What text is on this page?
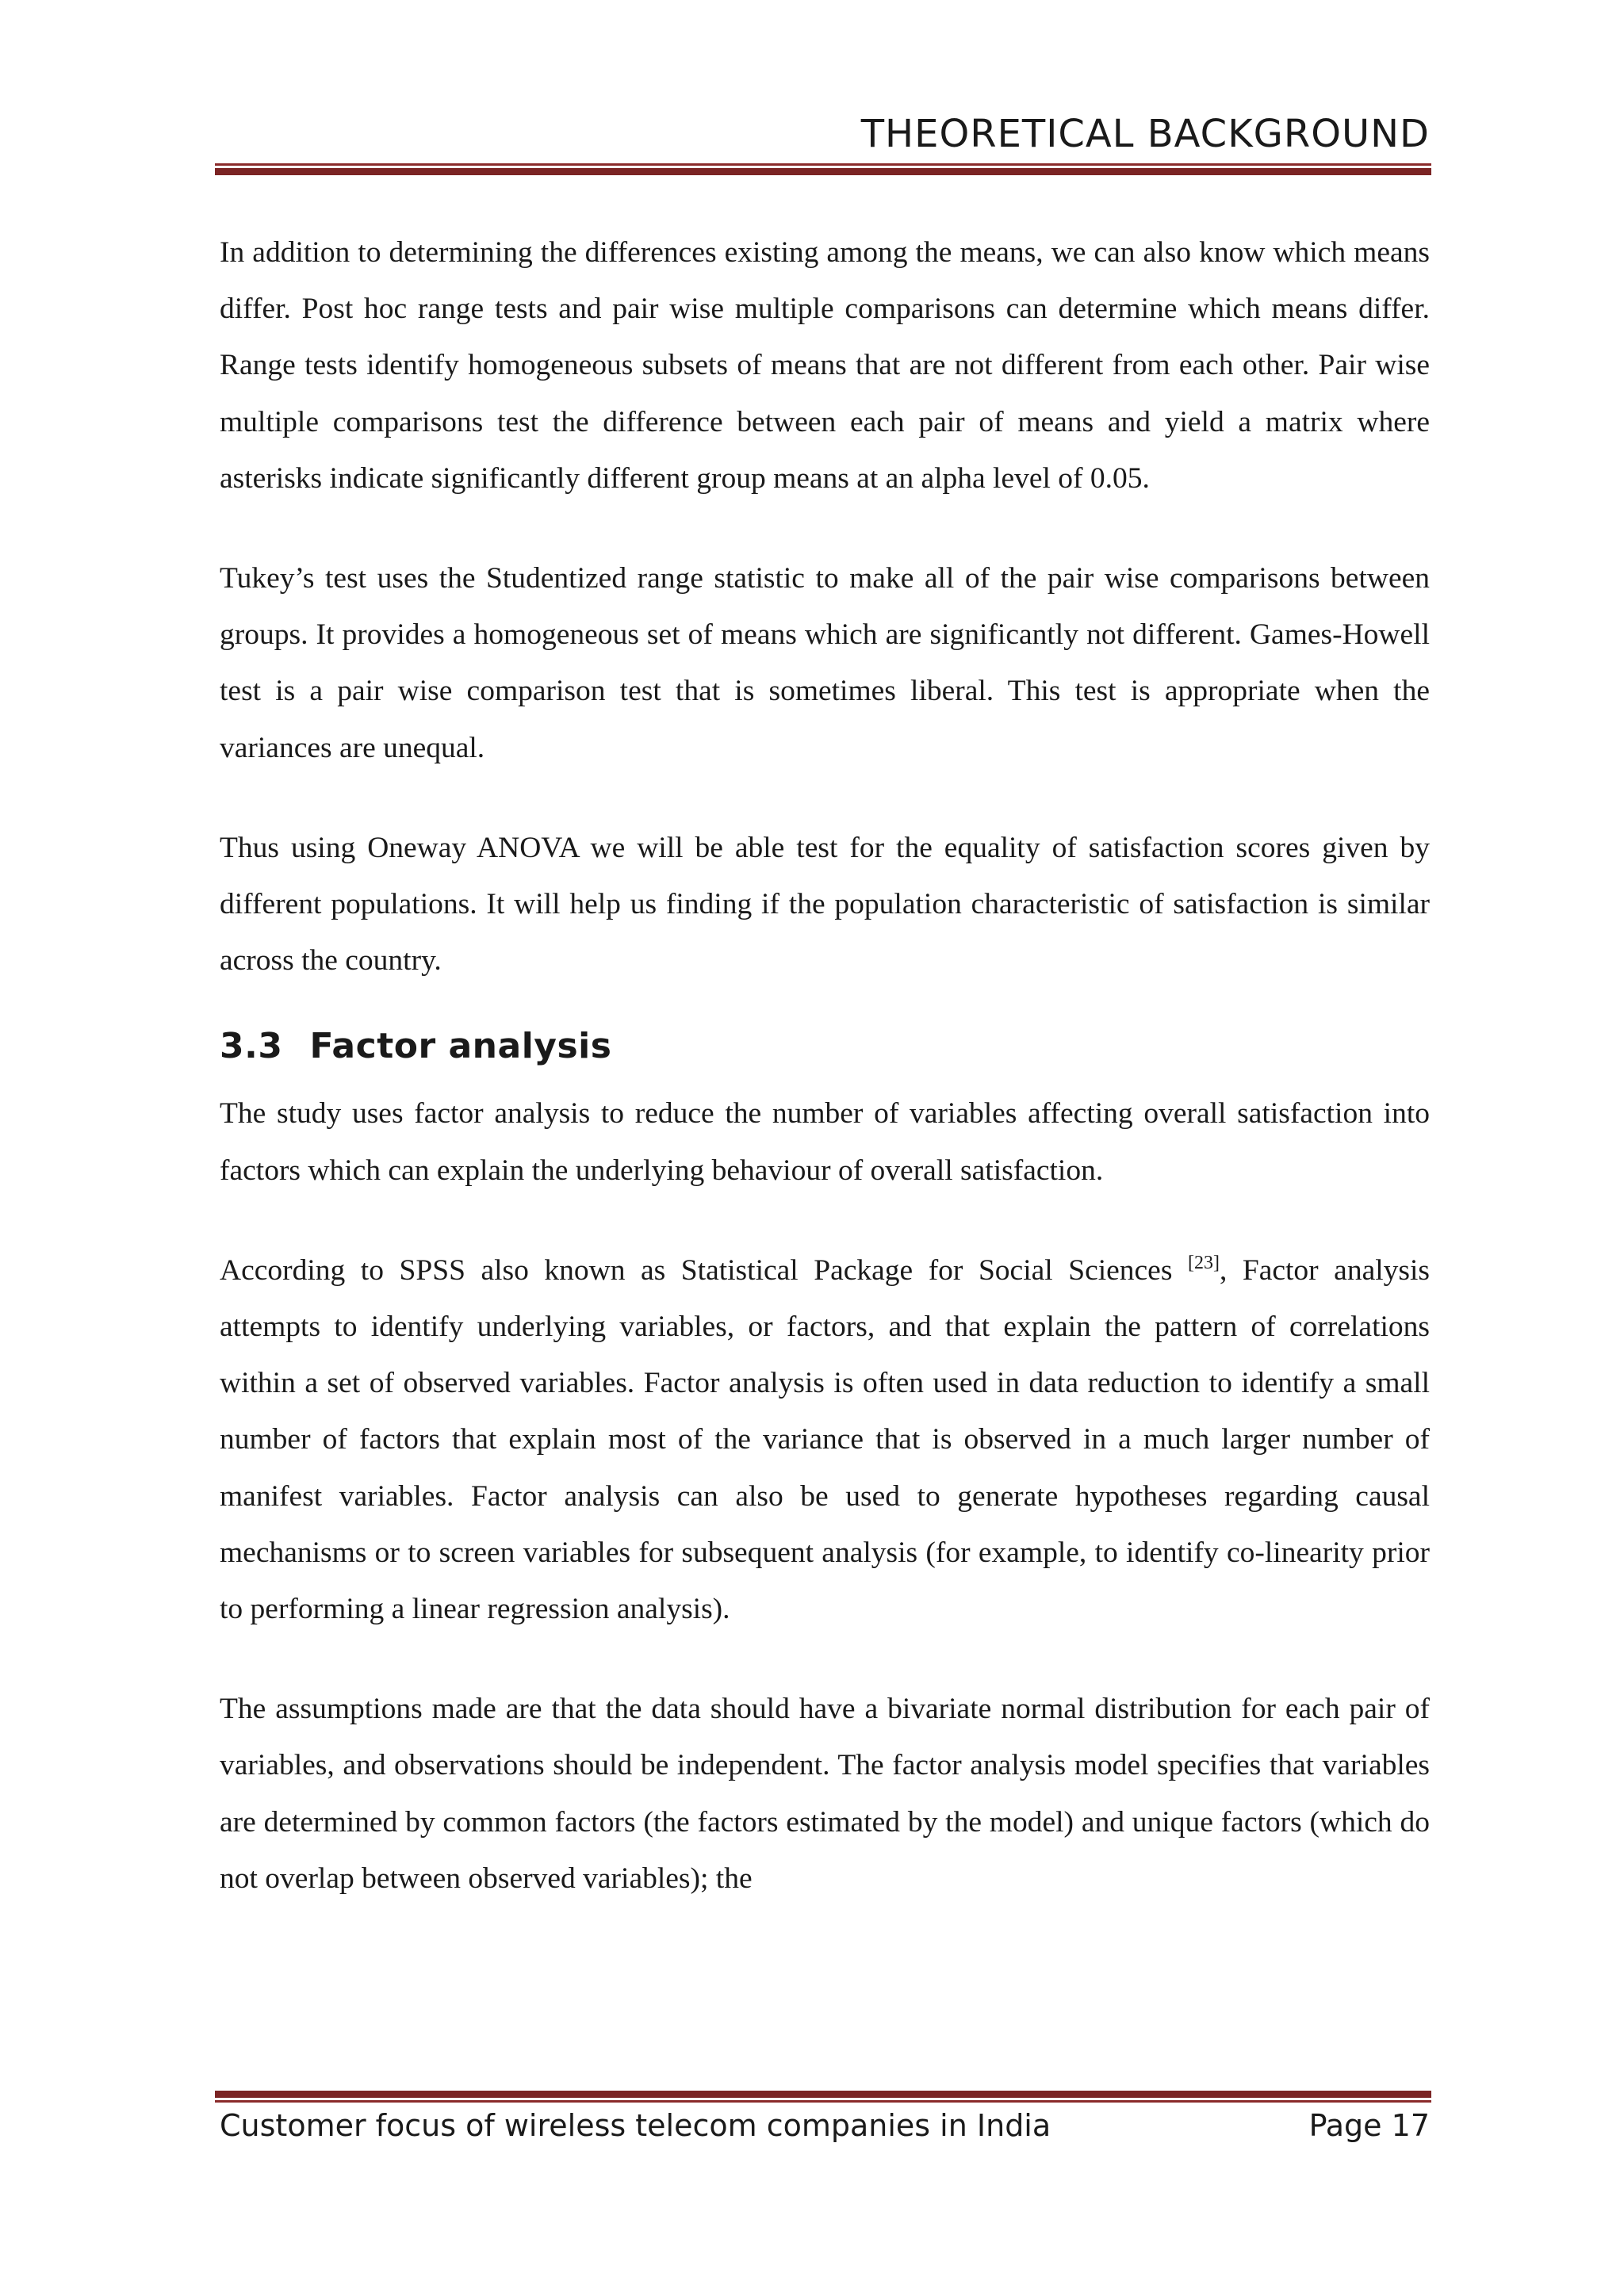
THEORETICAL BACKGROUND

In addition to determining the differences existing among the means, we can also know which means differ. Post hoc range tests and pair wise multiple comparisons can determine which means differ. Range tests identify homogeneous subsets of means that are not different from each other. Pair wise multiple comparisons test the difference between each pair of means and yield a matrix where asterisks indicate significantly different group means at an alpha level of 0.05.

Tukey’s test uses the Studentized range statistic to make all of the pair wise comparisons between groups. It provides a homogeneous set of means which are significantly not different. Games-Howell test is a pair wise comparison test that is sometimes liberal. This test is appropriate when the variances are unequal.

Thus using Oneway ANOVA we will be able test for the equality of satisfaction scores given by different populations. It will help us finding if the population characteristic of satisfaction is similar across the country.

3.3 Factor analysis

The study uses factor analysis to reduce the number of variables affecting overall satisfaction into factors which can explain the underlying behaviour of overall satisfaction.

According to SPSS also known as Statistical Package for Social Sciences [23], Factor analysis attempts to identify underlying variables, or factors, and that explain the pattern of correlations within a set of observed variables. Factor analysis is often used in data reduction to identify a small number of factors that explain most of the variance that is observed in a much larger number of manifest variables. Factor analysis can also be used to generate hypotheses regarding causal mechanisms or to screen variables for subsequent analysis (for example, to identify co-linearity prior to performing a linear regression analysis).

The assumptions made are that the data should have a bivariate normal distribution for each pair of variables, and observations should be independent. The factor analysis model specifies that variables are determined by common factors (the factors estimated by the model) and unique factors (which do not overlap between observed variables); the

Customer focus of wireless telecom companies in India	Page 17
